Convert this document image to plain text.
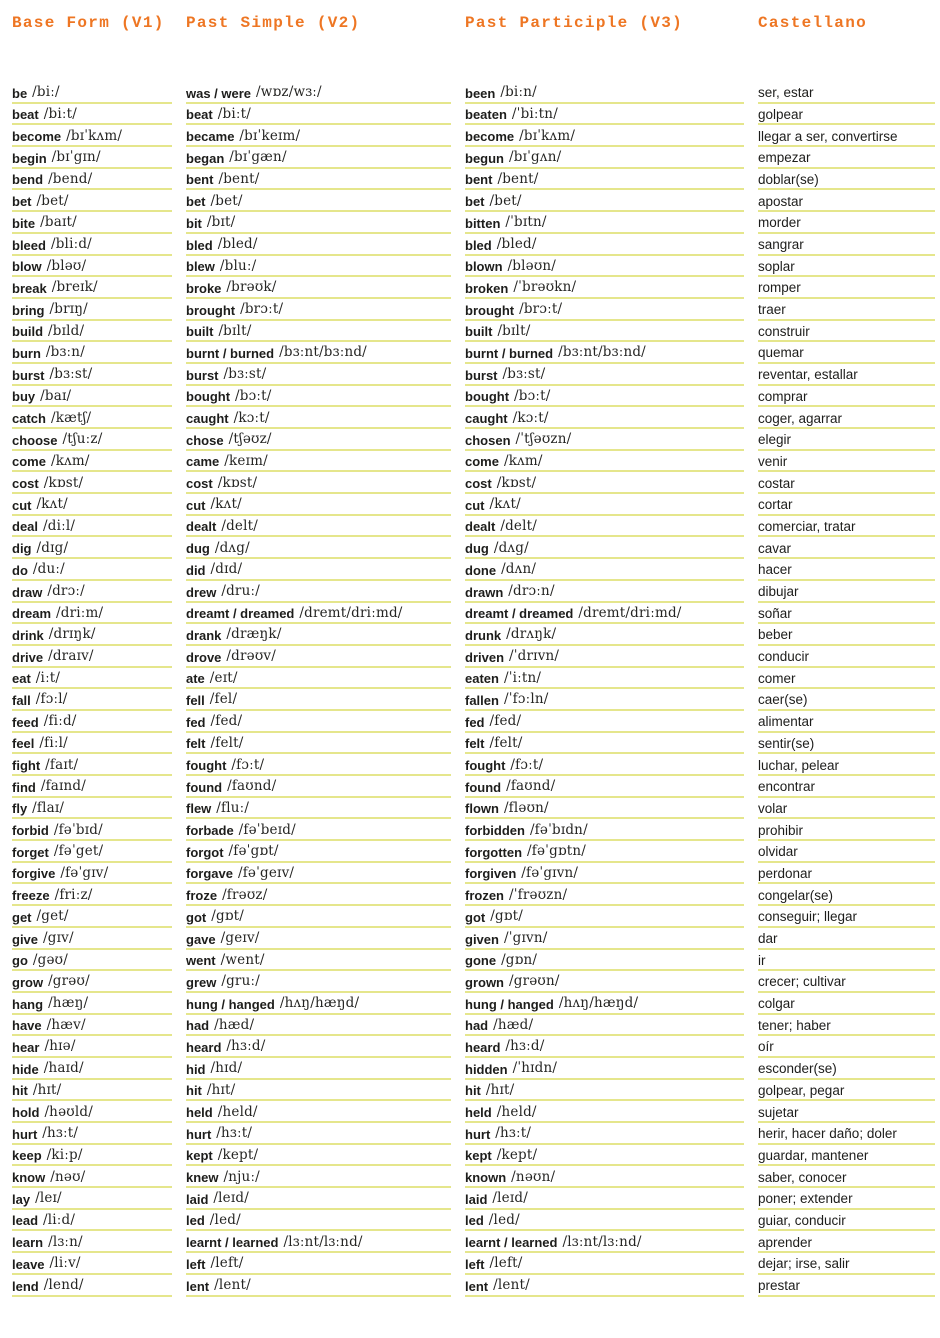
Base Form (V1)	Past Simple (V2)	Past Participle (V3)	Castellano
be /biː/	was / were /wɒz/wɜː/	been /biːn/	ser, estar
beat /biːt/	beat /biːt/	beaten /ˈbiːtn/	golpear
become /bɪˈkʌm/	became /bɪˈkeɪm/	become /bɪˈkʌm/	llegar a ser, convertirse
begin /bɪˈgɪn/	began /bɪˈgæn/	begun /bɪˈgʌn/	empezar
bend /bend/	bent /bent/	bent /bent/	doblar(se)
bet /bet/	bet /bet/	bet /bet/	apostar
bite /baɪt/	bit /bɪt/	bitten /ˈbɪtn/	morder
bleed /bliːd/	bled /bled/	bled /bled/	sangrar
blow /bləʊ/	blew /bluː/	blown /bləʊn/	soplar
break /breɪk/	broke /brəʊk/	broken /ˈbrəʊkn/	romper
bring /brɪŋ/	brought /brɔːt/	brought /brɔːt/	traer
build /bɪld/	built /bɪlt/	built /bɪlt/	construir
burn /bɜːn/	burnt / burned /bɜːnt/bɜːnd/	burnt / burned /bɜːnt/bɜːnd/	quemar
burst /bɜːst/	burst /bɜːst/	burst /bɜːst/	reventar, estallar
buy /baɪ/	bought /bɔːt/	bought /bɔːt/	comprar
catch /kætʃ/	caught /kɔːt/	caught /kɔːt/	coger, agarrar
choose /tʃuːz/	chose /tʃəʊz/	chosen /ˈtʃəʊzn/	elegir
come /kʌm/	came /keɪm/	come /kʌm/	venir
cost /kɒst/	cost /kɒst/	cost /kɒst/	costar
cut /kʌt/	cut /kʌt/	cut /kʌt/	cortar
deal /diːl/	dealt /delt/	dealt /delt/	comerciar, tratar
dig /dɪg/	dug /dʌg/	dug /dʌg/	cavar
do /duː/	did /dɪd/	done /dʌn/	hacer
draw /drɔː/	drew /druː/	drawn /drɔːn/	dibujar
dream /driːm/	dreamt / dreamed /dremt/driːmd/	dreamt / dreamed /dremt/driːmd/	soñar
drink /drɪŋk/	drank /dræŋk/	drunk /drʌŋk/	beber
drive /draɪv/	drove /drəʊv/	driven /ˈdrɪvn/	conducir
eat /iːt/	ate /eɪt/	eaten /ˈiːtn/	comer
fall /fɔːl/	fell /fel/	fallen /ˈfɔːln/	caer(se)
feed /fiːd/	fed /fed/	fed /fed/	alimentar
feel /fiːl/	felt /felt/	felt /felt/	sentir(se)
fight /faɪt/	fought /fɔːt/	fought /fɔːt/	luchar, pelear
find /faɪnd/	found /faʊnd/	found /faʊnd/	encontrar
fly /flaɪ/	flew /fluː/	flown /fləʊn/	volar
forbid /fəˈbɪd/	forbade /fəˈbeɪd/	forbidden /fəˈbɪdn/	prohibir
forget /fəˈget/	forgot /fəˈgɒt/	forgotten /fəˈgɒtn/	olvidar
forgive /fəˈgɪv/	forgave /fəˈgeɪv/	forgiven /fəˈgɪvn/	perdonar
freeze /friːz/	froze /frəʊz/	frozen /ˈfrəʊzn/	congelar(se)
get /get/	got /gɒt/	got /gɒt/	conseguir; llegar
give /gɪv/	gave /geɪv/	given /ˈgɪvn/	dar
go /gəʊ/	went /went/	gone /gɒn/	ir
grow /grəʊ/	grew /gruː/	grown /grəʊn/	crecer; cultivar
hang /hæŋ/	hung / hanged /hʌŋ/hæŋd/	hung / hanged /hʌŋ/hæŋd/	colgar
have /hæv/	had /hæd/	had /hæd/	tener; haber
hear /hɪə/	heard /hɜːd/	heard /hɜːd/	oír
hide /haɪd/	hid /hɪd/	hidden /ˈhɪdn/	esconder(se)
hit /hɪt/	hit /hɪt/	hit /hɪt/	golpear, pegar
hold /həʊld/	held /held/	held /held/	sujetar
hurt /hɜːt/	hurt /hɜːt/	hurt /hɜːt/	herir, hacer daño; doler
keep /kiːp/	kept /kept/	kept /kept/	guardar, mantener
know /nəʊ/	knew /njuː/	known /nəʊn/	saber, conocer
lay /leɪ/	laid /leɪd/	laid /leɪd/	poner; extender
lead /liːd/	led /led/	led /led/	guiar, conducir
learn /lɜːn/	learnt / learned /lɜːnt/lɜːnd/	learnt / learned /lɜːnt/lɜːnd/	aprender
leave /liːv/	left /left/	left /left/	dejar; irse, salir
lend /lend/	lent /lent/	lent /lent/	prestar
